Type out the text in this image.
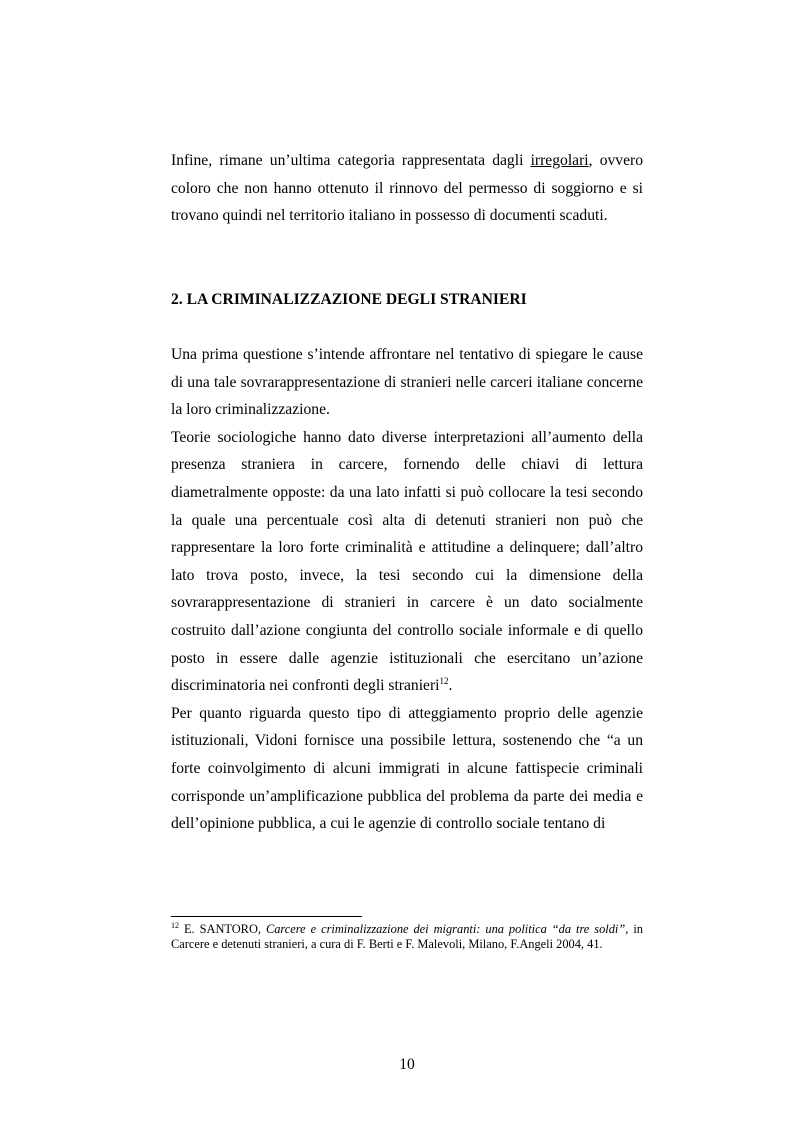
Infine, rimane un’ultima categoria rappresentata dagli irregolari, ovvero coloro che non hanno ottenuto il rinnovo del permesso di soggiorno e si trovano quindi nel territorio italiano in possesso di documenti scaduti.

2. LA CRIMINALIZZAZIONE DEGLI STRANIERI

Una prima questione s’intende affrontare nel tentativo di spiegare le cause di una tale sovrarappresentazione di stranieri nelle carceri italiane concerne la loro criminalizzazione.

Teorie sociologiche hanno dato diverse interpretazioni all’aumento della presenza straniera in carcere, fornendo delle chiavi di lettura diametralmente opposte: da una lato infatti si può collocare la tesi secondo la quale una percentuale così alta di detenuti stranieri non può che rappresentare la loro forte criminalità e attitudine a delinquere; dall’altro lato trova posto, invece, la tesi secondo cui la dimensione della sovrarappresentazione di stranieri in carcere è un dato socialmente costruito dall’azione congiunta del controllo sociale informale e di quello posto in essere dalle agenzie istituzionali che esercitano un’azione discriminatoria nei confronti degli stranieri$^{12}$.

Per quanto riguarda questo tipo di atteggiamento proprio delle agenzie istituzionali, Vidoni fornisce una possibile lettura, sostenendo che “a un forte coinvolgimento di alcuni immigrati in alcune fattispecie criminali corrisponde un’amplificazione pubblica del problema da parte dei media e dell’opinione pubblica, a cui le agenzie di controllo sociale tentano di

$^{12}$ E. SANTORO, Carcere e criminalizzazione dei migranti: una politica “da tre soldi”, in Carcere e detenuti stranieri, a cura di F. Berti e F. Malevoli, Milano, F.Angeli 2004, 41.

10
